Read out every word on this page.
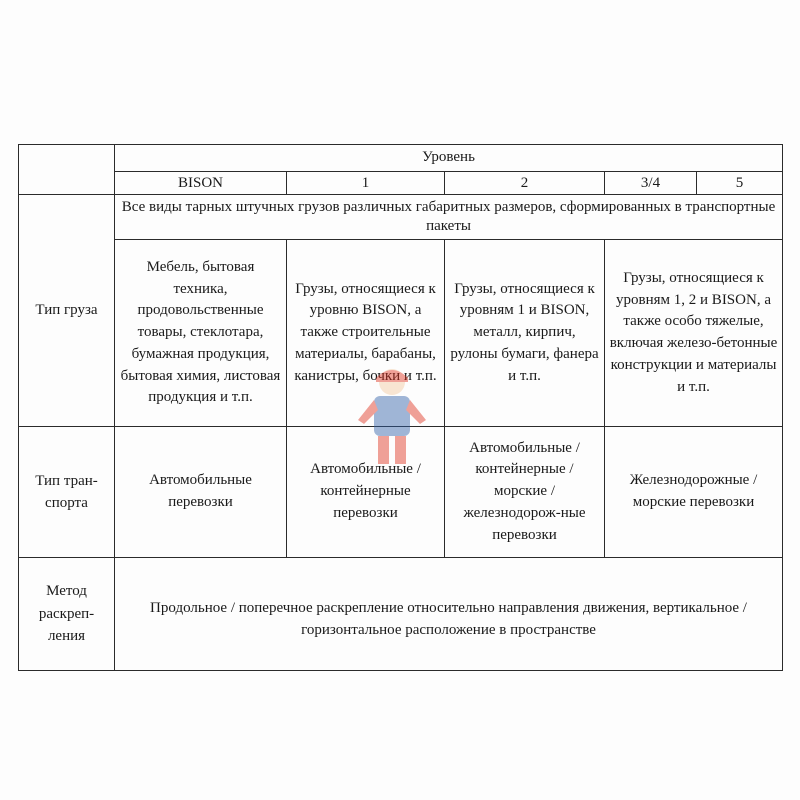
	Уровень				
	BISON	1	2	3/4	5
Тип груза	Все виды тарных штучных грузов различных габаритных размеров, сформированных в транспортные пакеты				
	Мебель, бытовая техника, продовольственные товары, стеклотара, бумажная продукция, бытовая химия, листовая продукция и т.п.	Грузы, относящиеся к уровню BISON, а также строительные материалы, барабаны, канистры, бочки и т.п.	Грузы, относящиеся к уровням 1 и BISON, металл, кирпич, рулоны бумаги, фанера и т.п.	Грузы, относящиеся к уровням 1, 2 и BISON, а также особо тяжелые, включая железо-бетонные конструкции и материалы и т.п.	
Тип тран-спорта	Автомобильные перевозки	Автомобильные / контейнерные перевозки	Автомобильные / контейнерные / морские / железнодорож-ные перевозки	Железнодорожные / морские перевозки	
Метод раскреп-ления	Продольное / поперечное раскрепление относительно направления движения, вертикальное / горизонтальное расположение в пространстве				
